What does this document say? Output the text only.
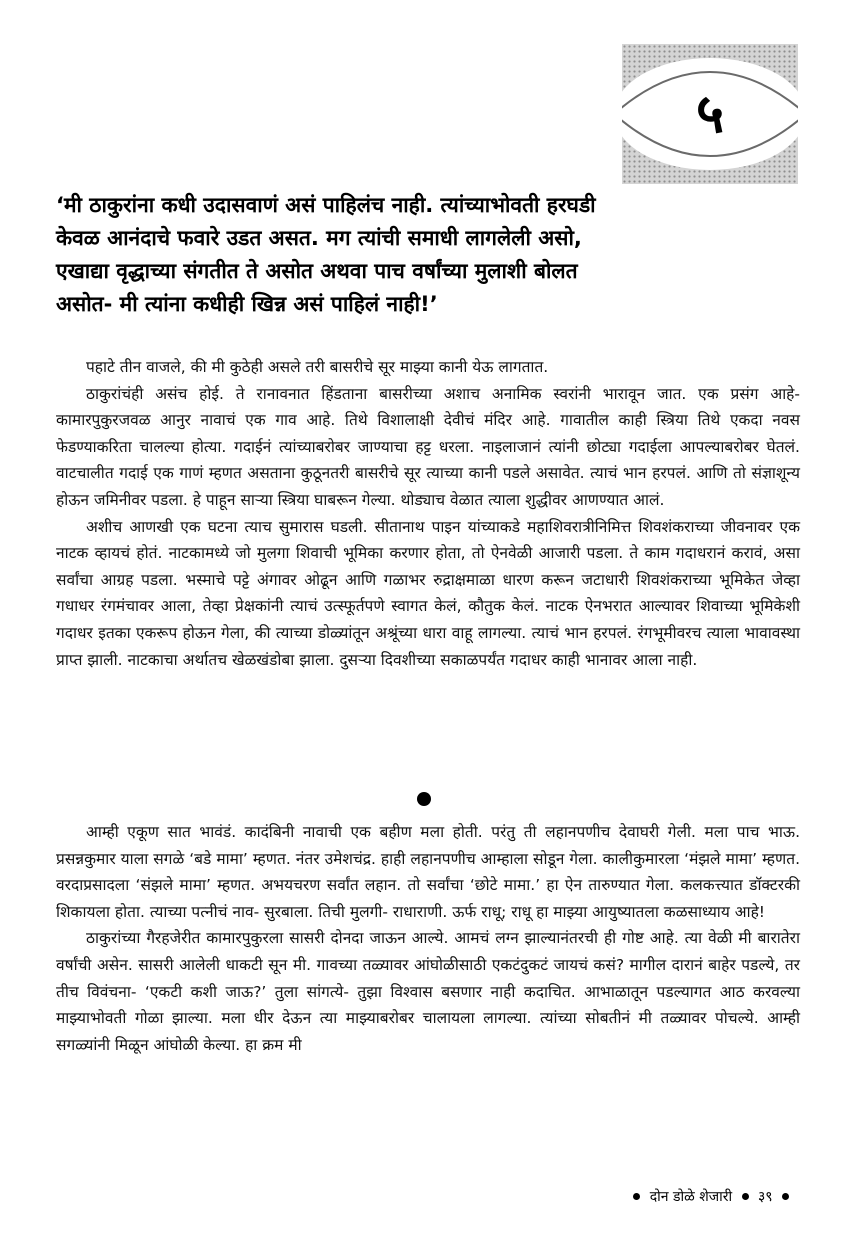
५
‘मी ठाकुरांना कधी उदासवाणं असं पाहिलंच नाही. त्यांच्याभोवती हरघडी
केवळ आनंदाचे फवारे उडत असत. मग त्यांची समाधी लागलेली असो,
एखाद्या वृद्धाच्या संगतीत ते असोत अथवा पाच वर्षांच्या मुलाशी बोलत
असोत- मी त्यांना कधीही खिन्न असं पाहिलं नाही!’

पहाटे तीन वाजले, की मी कुठेही असले तरी बासरीचे सूर माझ्या कानी येऊ लागतात.

ठाकुरांचंही असंच होई. ते रानावनात हिंडताना बासरीच्या अशाच अनामिक स्वरांनी भारावून जात. एक प्रसंग आहे- कामारपुकुरजवळ आनुर नावाचं एक गाव आहे. तिथे विशालाक्षी देवीचं मंदिर आहे. गावातील काही स्त्रिया तिथे एकदा नवस फेडण्याकरिता चालल्या होत्या. गदाईनं त्यांच्याबरोबर जाण्याचा हट्ट धरला. नाइलाजानं त्यांनी छोट्या गदाईला आपल्याबरोबर घेतलं. वाटचालीत गदाई एक गाणं म्हणत असताना कुठूनतरी बासरीचे सूर त्याच्या कानी पडले असावेत. त्याचं भान हरपलं. आणि तो संज्ञाशून्य होऊन जमिनीवर पडला. हे पाहून साऱ्या स्त्रिया घाबरून गेल्या. थोड्याच वेळात त्याला शुद्धीवर आणण्यात आलं.

अशीच आणखी एक घटना त्याच सुमारास घडली. सीतानाथ पाइन यांच्याकडे महाशिवरात्रीनिमित्त शिवशंकराच्या जीवनावर एक नाटक व्हायचं होतं. नाटकामध्ये जो मुलगा शिवाची भूमिका करणार होता, तो ऐनवेळी आजारी पडला. ते काम गदाधरानं करावं, असा सर्वांचा आग्रह पडला. भस्माचे पट्टे अंगावर ओढून आणि गळाभर रुद्राक्षमाळा धारण करून जटाधारी शिवशंकराच्या भूमिकेत जेव्हा गधाधर रंगमंचावर आला, तेव्हा प्रेक्षकांनी त्याचं उत्स्फूर्तपणे स्वागत केलं, कौतुक केलं. नाटक ऐनभरात आल्यावर शिवाच्या भूमिकेशी गदाधर इतका एकरूप होऊन गेला, की त्याच्या डोळ्यांतून अश्रूंच्या धारा वाहू लागल्या. त्याचं भान हरपलं. रंगभूमीवरच त्याला भावावस्था प्राप्त झाली. नाटकाचा अर्थातच खेळखंडोबा झाला. दुसऱ्या दिवशीच्या सकाळपर्यंत गदाधर काही भानावर आला नाही.

आम्ही एकूण सात भावंडं. कादंबिनी नावाची एक बहीण मला होती. परंतु ती लहानपणीच देवाघरी गेली. मला पाच भाऊ. प्रसन्नकुमार याला सगळे ‘बडे मामा’ म्हणत. नंतर उमेशचंद्र. हाही लहानपणीच आम्हाला सोडून गेला. कालीकुमारला ‘मंझले मामा’ म्हणत. वरदाप्रसादला ‘संझले मामा’ म्हणत. अभयचरण सर्वांत लहान. तो सर्वांचा ‘छोटे मामा.’ हा ऐन तारुण्यात गेला. कलकत्त्यात डॉक्टरकी शिकायला होता. त्याच्या पत्नीचं नाव- सुरबाला. तिची मुलगी- राधाराणी. ऊर्फ राधू; राधू हा माझ्या आयुष्यातला कळसाध्याय आहे!

ठाकुरांच्या गैरहजेरीत कामारपुकुरला सासरी दोनदा जाऊन आल्ये. आमचं लग्न झाल्यानंतरची ही गोष्ट आहे. त्या वेळी मी बारातेरा वर्षांची असेन. सासरी आलेली धाकटी सून मी. गावच्या तळ्यावर आंघोळीसाठी एकटंदुकटं जायचं कसं? मागील दारानं बाहेर पडल्ये, तर तीच विवंचना- ‘एकटी कशी जाऊ?’ तुला सांगत्ये- तुझा विश्वास बसणार नाही कदाचित. आभाळातून पडल्यागत आठ करवल्या माझ्याभोवती गोळा झाल्या. मला धीर देऊन त्या माझ्याबरोबर चालायला लागल्या. त्यांच्या सोबतीनं मी तळ्यावर पोचल्ये. आम्ही सगळ्यांनी मिळून आंघोळी केल्या. हा क्रम मी

दोन डोळे शेजारी ३९
